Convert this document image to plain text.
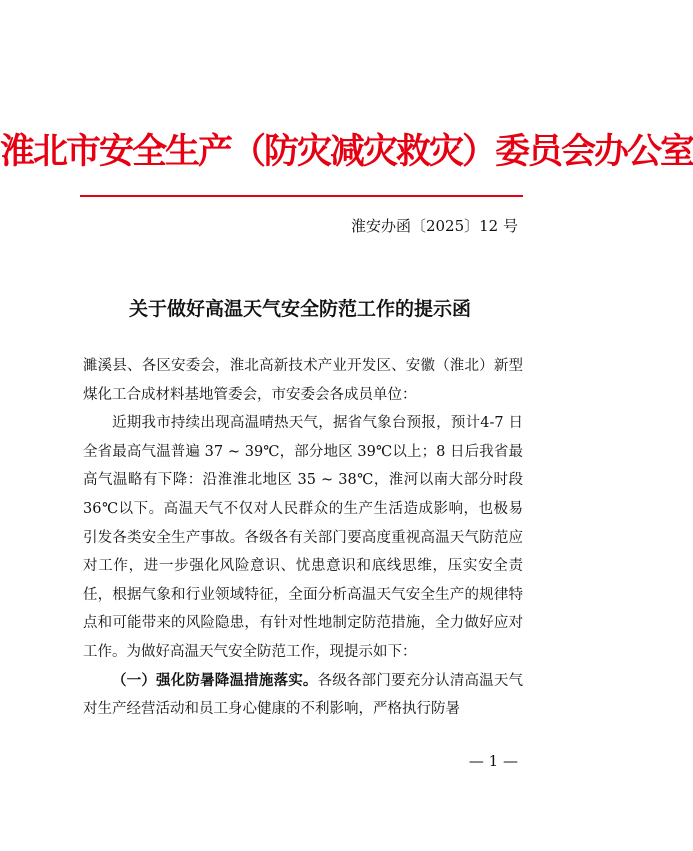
淮北市安全生产（防灾减灾救灾）委员会办公室
淮安办函〔2025〕12 号
关于做好高温天气安全防范工作的提示函

濉溪县、各区安委会，淮北高新技术产业开发区、安徽（淮北）新型煤化工合成材料基地管委会，市安委会各成员单位：

近期我市持续出现高温晴热天气，据省气象台预报，预计4-7 日全省最高气温普遍 37 ~ 39℃，部分地区 39℃以上；8 日后我省最高气温略有下降：沿淮淮北地区 35 ~ 38℃，淮河以南大部分时段 36℃以下。高温天气不仅对人民群众的生产生活造成影响，也极易引发各类安全生产事故。各级各有关部门要高度重视高温天气防范应对工作，进一步强化风险意识、忧患意识和底线思维，压实安全责任，根据气象和行业领域特征，全面分析高温天气安全生产的规律特点和可能带来的风险隐患，有针对性地制定防范措施，全力做好应对工作。为做好高温天气安全防范工作，现提示如下：

（一）强化防暑降温措施落实。各级各部门要充分认清高温天气对生产经营活动和员工身心健康的不利影响，严格执行防暑

— 1 —
